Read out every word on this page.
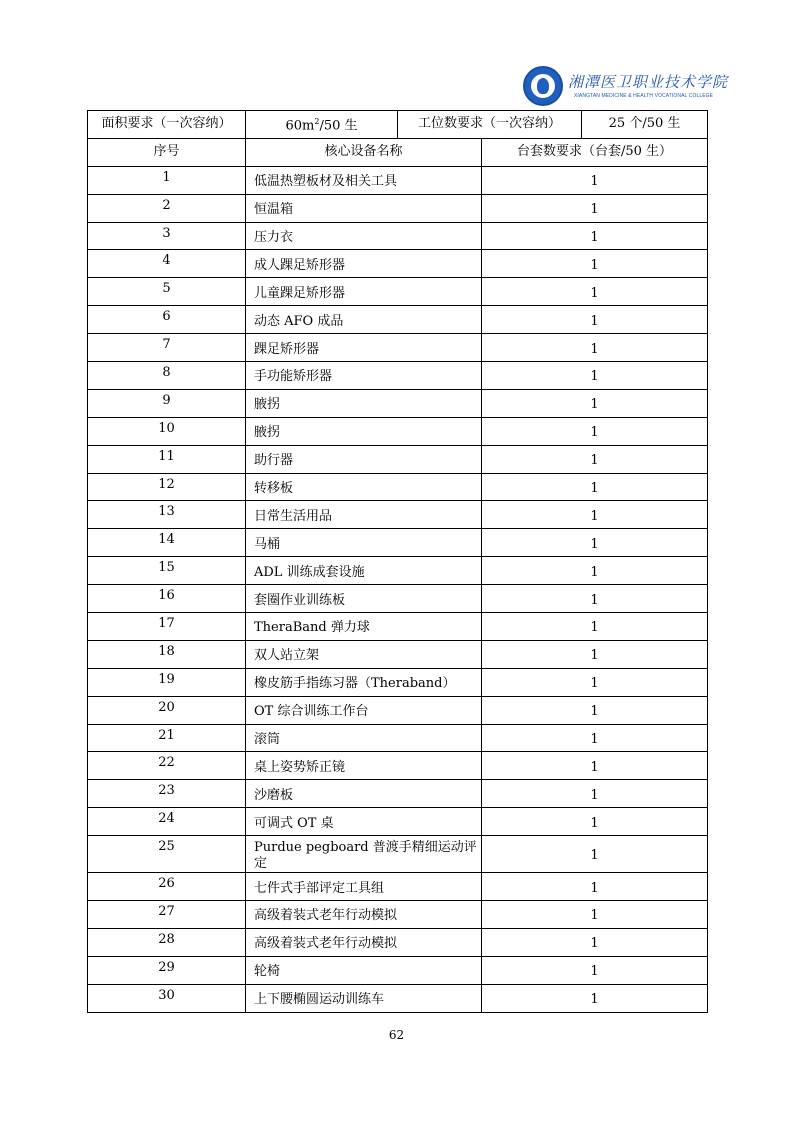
湘潭医卫职业技术学院
XIANGTAN MEDICINE & HEALTH VOCATIONAL COLLEGE
面积要求（一次容纳）	$60m^2/50$ 生	工位数要求（一次容纳）		25 个/50 生
序号	核心设备名称		台套数要求（台套/50 生）	
1	低温热塑板材及相关工具		1	
2	恒温箱		1	
3	压力衣		1	
4	成人踝足矫形器		1	
5	儿童踝足矫形器		1	
6	动态 AFO 成品		1	
7	踝足矫形器		1	
8	手功能矫形器		1	
9	腋拐		1	
10	腋拐		1	
11	助行器		1	
12	转移板		1	
13	日常生活用品		1	
14	马桶		1	
15	ADL 训练成套设施		1	
16	套圈作业训练板		1	
17	TheraBand 弹力球		1	
18	双人站立架		1	
19	橡皮筋手指练习器（Theraband）		1	
20	OT 综合训练工作台		1	
21	滚筒		1	
22	桌上姿势矫正镜		1	
23	沙磨板		1	
24	可调式 OT 桌		1	
25	Purdue pegboard 普渡手精细运动评定		1	
26	七件式手部评定工具组		1	
27	高级着装式老年行动模拟		1	
28	高级着装式老年行动模拟		1	
29	轮椅		1	
30	上下腰椭圆运动训练车		1	
62
